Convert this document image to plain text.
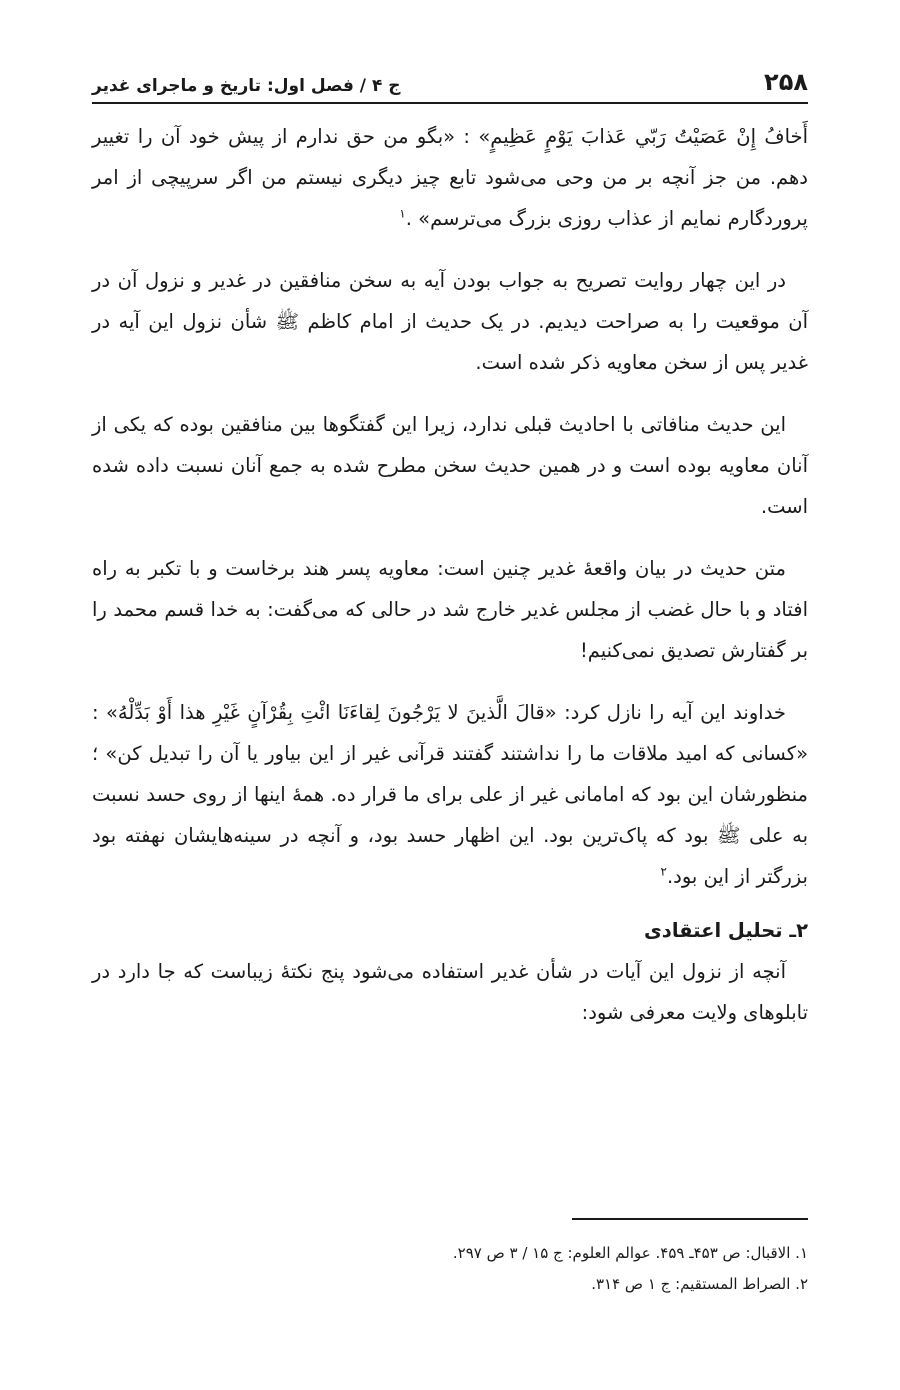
۲۵۸
ج ۴ / فصل اول: تاریخ و ماجرای غدیر

أَخافُ إِنْ عَصَيْتُ رَبّي عَذابَ يَوْمٍ عَظِيمٍ» : «بگو من حق ندارم از پیش خود آن را تغییر دهم. من جز آنچه بر من وحی می‌شود تابع چیز دیگری نیستم من اگر سرپیچی از امر پروردگارم نمایم از عذاب روزی بزرگ می‌ترسم» .$^۱$

در این چهار روایت تصریح به جواب بودن آیه به سخن منافقین در غدیر و نزول آن در آن موقعیت را به صراحت دیدیم. در یک حدیث از امام کاظم ﷺ شأن نزول این آیه در غدیر پس از سخن معاویه ذکر شده است.

این حدیث منافاتی با احادیث قبلی ندارد، زیرا این گفتگوها بین منافقین بوده که یکی از آنان معاویه بوده است و در همین حدیث سخن مطرح شده به جمع آنان نسبت داده شده است.

متن حدیث در بیان واقعهٔ غدیر چنین است: معاویه پسر هند برخاست و با تکبر به راه افتاد و با حال غضب از مجلس غدیر خارج شد در حالی که می‌گفت: به خدا قسم محمد را بر گفتارش تصدیق نمی‌کنیم!

خداوند این آیه را نازل کرد: «قالَ الَّذينَ لا يَرْجُونَ لِقاءَنَا ائْتِ بِقُرْآنٍ غَيْرِ هذا أَوْ بَدِّلْهُ» : «کسانی که امید ملاقات ما را نداشتند گفتند قرآنی غیر از این بیاور یا آن را تبدیل کن» ؛ منظورشان این بود که امامانی غیر از علی برای ما قرار ده. همهٔ اینها از روی حسد نسبت به علی ﷺ بود که پاک‌ترین بود. این اظهار حسد بود، و آنچه در سینه‌هایشان نهفته بود بزرگتر از این بود.$^۲$

۲ـ تحلیل اعتقادی

آنچه از نزول این آیات در شأن غدیر استفاده می‌شود پنج نکتهٔ زیباست که جا دارد در تابلوهای ولایت معرفی شود:

۱. الاقبال: ص ۴۵۳ـ ۴۵۹. عوالم العلوم: ج ۱۵ / ۳ ص ۲۹۷.

۲. الصراط المستقیم: ج ۱ ص ۳۱۴.
